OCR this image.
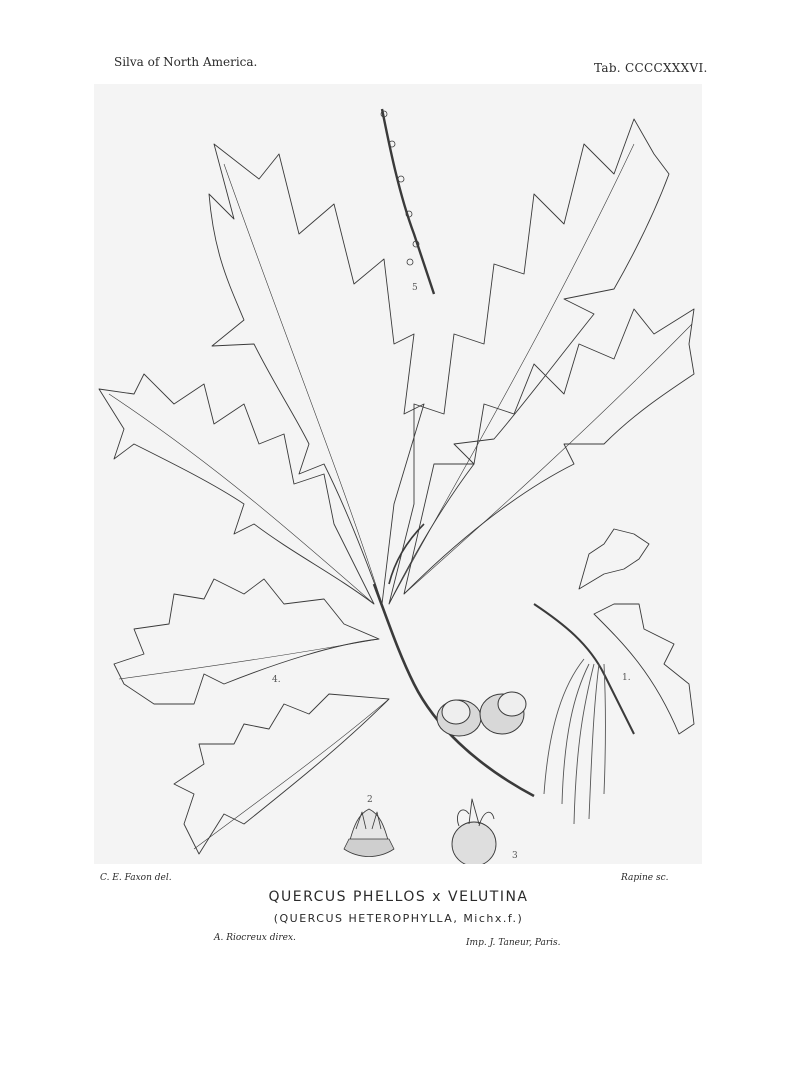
Silva of North America.	Tab. CCCCXXXVI.
5
1.
4.
2
3
C. E. Faxon del.	Rapine sc.
QUERCUS PHELLOS x VELUTINA
(QUERCUS HETEROPHYLLA, Michx.f.)
A. Riocreux direx.	Imp. J. Taneur, Paris.
